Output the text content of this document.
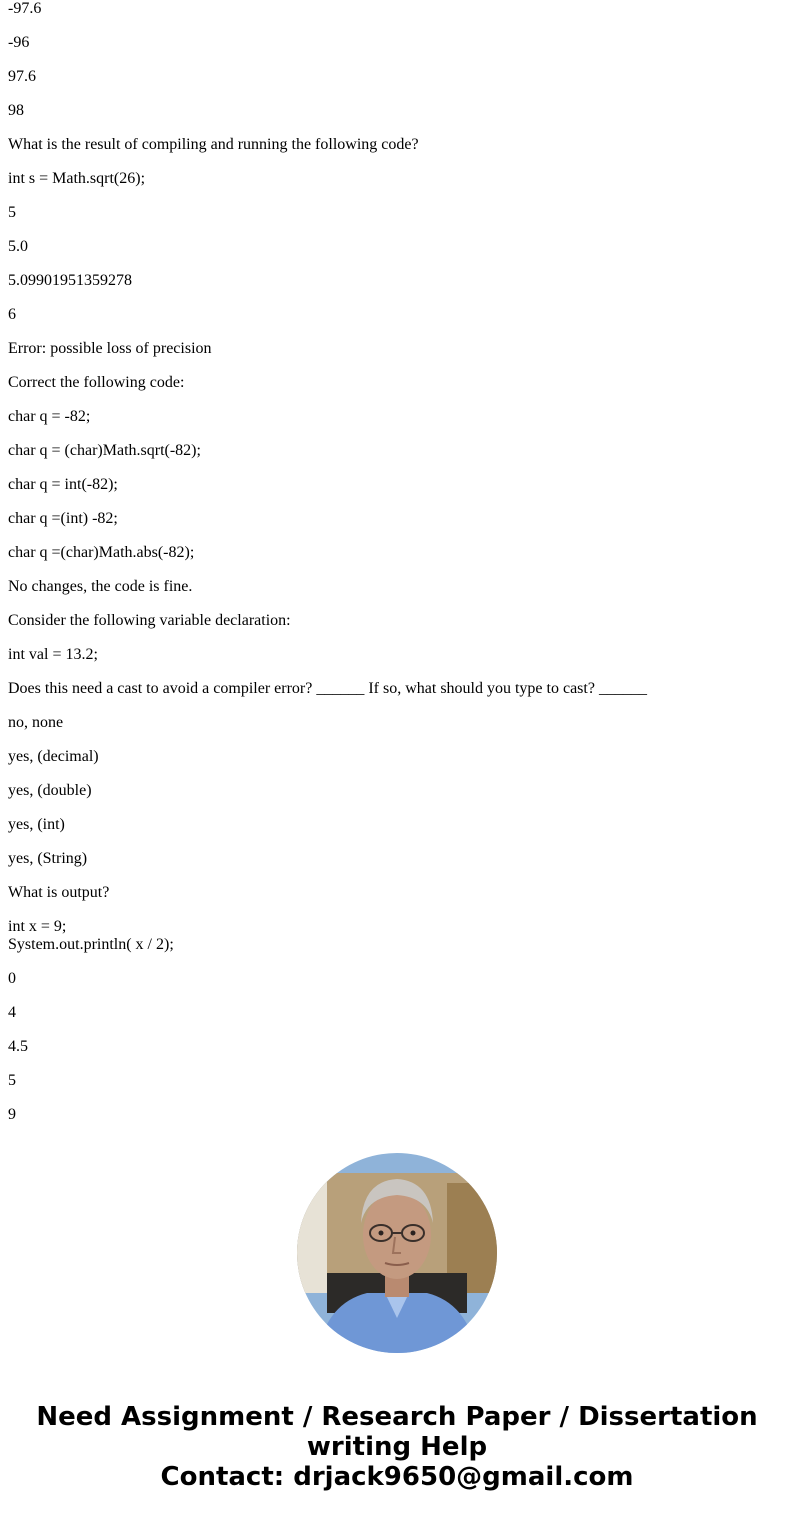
-97.6

-96

97.6

98

What is the result of compiling and running the following code?

int s = Math.sqrt(26);

5

5.0

5.09901951359278

6

Error: possible loss of precision

Correct the following code:

char q = -82;

char q = (char)Math.sqrt(-82);

char q = int(-82);

char q =(int) -82;

char q =(char)Math.abs(-82);

No changes, the code is fine.

Consider the following variable declaration:

int val = 13.2;

Does this need a cast to avoid a compiler error? ______ If so, what should you type to cast? ______

no, none

yes, (decimal)

yes, (double)

yes, (int)

yes, (String)

What is output?

int x = 9;

System.out.println( x / 2);

0

4

4.5

5

9

Need Assignment / Research Paper / Dissertation
writing Help
Contact: drjack9650@gmail.com
